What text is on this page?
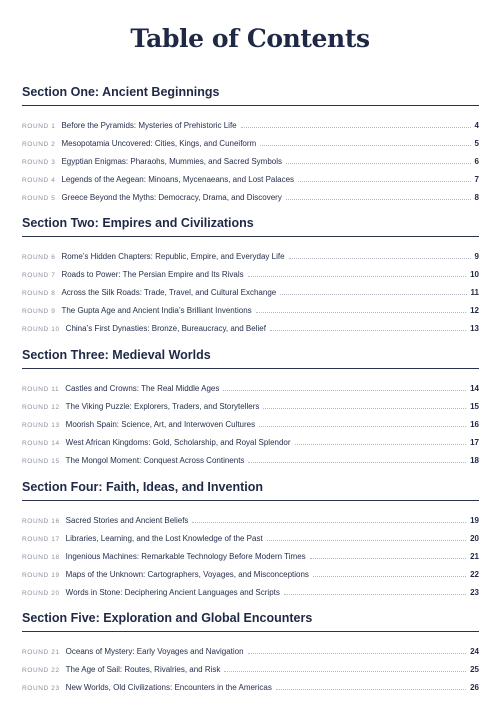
Table of Contents
Section One: Ancient Beginnings
ROUND 1 Before the Pyramids: Mysteries of Prehistoric Life	4
ROUND 2 Mesopotamia Uncovered: Cities, Kings, and Cuneiform	5
ROUND 3 Egyptian Enigmas: Pharaohs, Mummies, and Sacred Symbols	6
ROUND 4 Legends of the Aegean: Minoans, Mycenaeans, and Lost Palaces	7
ROUND 5 Greece Beyond the Myths: Democracy, Drama, and Discovery	8
Section Two: Empires and Civilizations
ROUND 6 Rome’s Hidden Chapters: Republic, Empire, and Everyday Life	9
ROUND 7 Roads to Power: The Persian Empire and Its Rivals	10
ROUND 8 Across the Silk Roads: Trade, Travel, and Cultural Exchange	11
ROUND 9 The Gupta Age and Ancient India’s Brilliant Inventions	12
ROUND 10 China’s First Dynasties: Bronze, Bureaucracy, and Belief	13
Section Three: Medieval Worlds
ROUND 11 Castles and Crowns: The Real Middle Ages	14
ROUND 12 The Viking Puzzle: Explorers, Traders, and Storytellers	15
ROUND 13 Moorish Spain: Science, Art, and Interwoven Cultures	16
ROUND 14 West African Kingdoms: Gold, Scholarship, and Royal Splendor	17
ROUND 15 The Mongol Moment: Conquest Across Continents	18
Section Four: Faith, Ideas, and Invention
ROUND 16 Sacred Stories and Ancient Beliefs	19
ROUND 17 Libraries, Learning, and the Lost Knowledge of the Past	20
ROUND 18 Ingenious Machines: Remarkable Technology Before Modern Times	21
ROUND 19 Maps of the Unknown: Cartographers, Voyages, and Misconceptions	22
ROUND 20 Words in Stone: Deciphering Ancient Languages and Scripts	23
Section Five: Exploration and Global Encounters
ROUND 21 Oceans of Mystery: Early Voyages and Navigation	24
ROUND 22 The Age of Sail: Routes, Rivalries, and Risk	25
ROUND 23 New Worlds, Old Civilizations: Encounters in the Americas	26
